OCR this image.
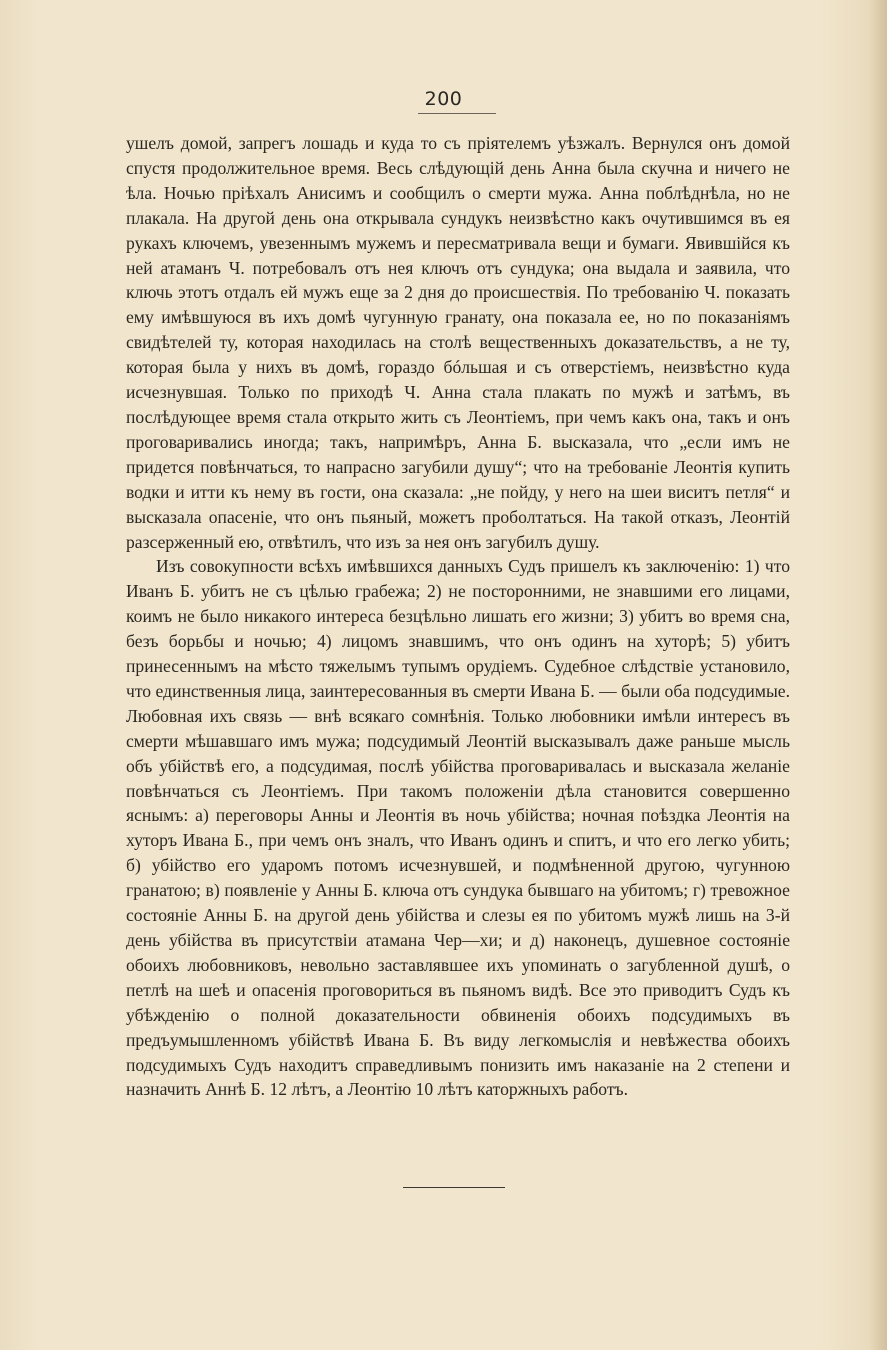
200

ушелъ домой, запрегъ лошадь и куда то съ прiятелемъ уѣзжалъ. Вернулся онъ домой спустя продолжительное время. Весь слѣдующiй день Анна была скучна и ничего не ѣла. Ночью прiѣхалъ Анисимъ и сообщилъ о смерти мужа. Анна поблѣднѣла, но не плакала. На другой день она открывала сундукъ неизвѣстно какъ очутившимся въ ея рукахъ ключемъ, увезеннымъ мужемъ и пересматривала вещи и бумаги. Явившiйся къ ней атаманъ Ч. потребовалъ отъ нея ключъ отъ сундука; она выдала и заявила, что ключь этотъ отдалъ ей мужъ еще за 2 дня до происшествiя. По требованiю Ч. показать ему имѣвшуюся въ ихъ домѣ чугунную гранату, она показала ее, но по показанiямъ свидѣтелей ту, которая находилась на столѣ вещественныхъ доказательствъ, а не ту, которая была у нихъ въ домѣ, гораздо бóльшая и съ отверстiемъ, неизвѣстно куда исчезнувшая. Только по приходѣ Ч. Анна стала плакать по мужѣ и затѣмъ, въ послѣдующее время стала открыто жить съ Леонтiемъ, при чемъ какъ она, такъ и онъ проговаривались иногда; такъ, напримѣръ, Анна Б. высказала, что „если имъ не придется повѣнчаться, то напрасно загубили душу“; что на требованiе Леонтiя купить водки и итти къ нему въ гости, она сказала: „не пойду, у него на шеи виситъ петля“ и высказала опасенiе, что онъ пьяный, можетъ проболтаться. На такой отказъ, Леонтiй разсерженный ею, отвѣтилъ, что изъ за нея онъ загубилъ душу.

Изъ совокупности всѣхъ имѣвшихся данныхъ Судъ пришелъ къ заключенiю: 1) что Иванъ Б. убитъ не съ цѣлью грабежа; 2) не посторонними, не знавшими его лицами, коимъ не было никакого интереса безцѣльно лишать его жизни; 3) убитъ во время сна, безъ борьбы и ночью; 4) лицомъ знавшимъ, что онъ одинъ на хуторѣ; 5) убитъ принесеннымъ на мѣсто тяжелымъ тупымъ орудiемъ. Судебное слѣдствiе установило, что единственныя лица, заинтересованныя въ смерти Ивана Б. — были оба подсудимые. Любовная ихъ связь — внѣ всякаго сомнѣнiя. Только любовники имѣли интересъ въ смерти мѣшавшаго имъ мужа; подсудимый Леонтiй высказывалъ даже раньше мысль объ убiйствѣ его, а подсудимая, послѣ убiйства проговаривалась и высказала желанiе повѣнчаться съ Леонтiемъ. При такомъ положенiи дѣла становится совершенно яснымъ: а) переговоры Анны и Леонтiя въ ночь убiйства; ночная поѣздка Леонтiя на хуторъ Ивана Б., при чемъ онъ зналъ, что Иванъ одинъ и спитъ, и что его легко убить; б) убiйство его ударомъ потомъ исчезнувшей, и подмѣненной другою, чугунною гранатою; в) появленiе у Анны Б. ключа отъ сундука бывшаго на убитомъ; г) тревожное состоянiе Анны Б. на другой день убiйства и слезы ея по убитомъ мужѣ лишь на 3-й день убiйства въ присутствiи атамана Чер—хи; и д) наконецъ, душевное состоянiе обоихъ любовниковъ, невольно заставлявшее ихъ упоминать о загубленной душѣ, о петлѣ на шеѣ и опасенiя проговориться въ пьяномъ видѣ. Все это приводитъ Судъ къ убѣжденiю о полной доказательности обвиненiя обоихъ подсудимыхъ въ предъумышленномъ убiйствѣ Ивана Б. Въ виду легкомыслiя и невѣжества обоихъ подсудимыхъ Судъ находитъ справедливымъ понизить имъ наказанiе на 2 степени и назначить Аннѣ Б. 12 лѣтъ, а Леонтiю 10 лѣтъ каторжныхъ работъ.
